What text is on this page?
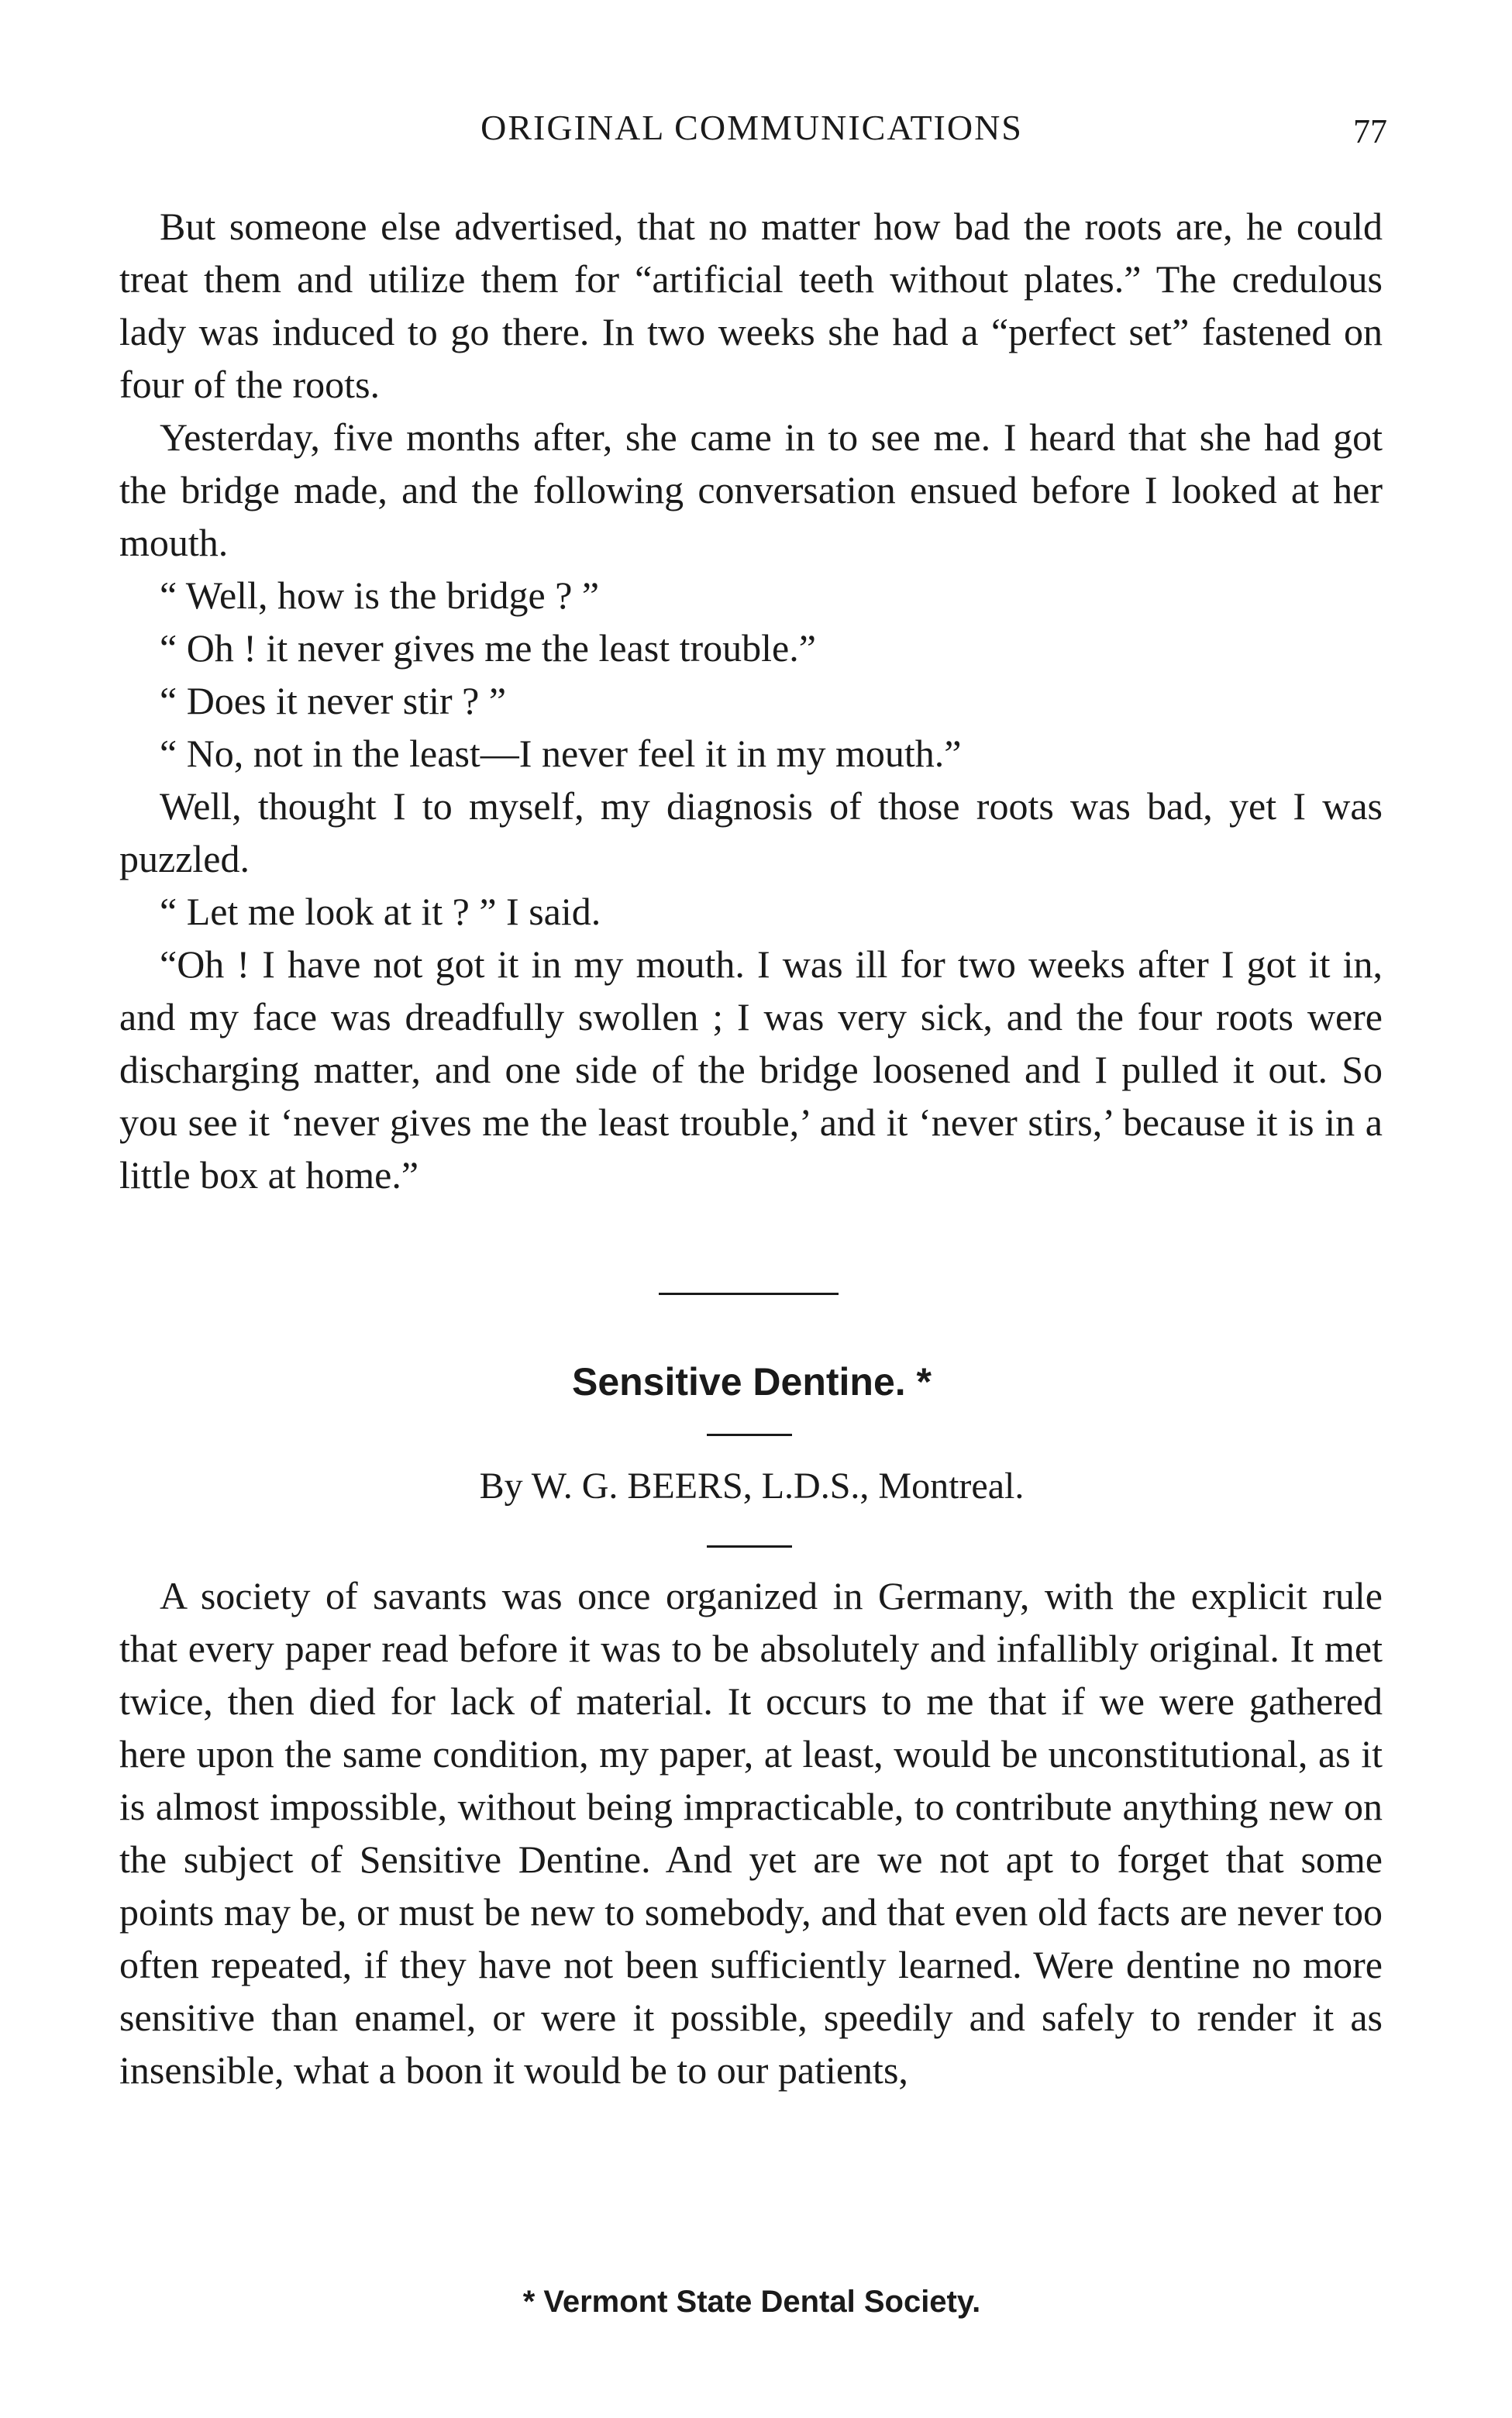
ORIGINAL COMMUNICATIONS	77

But someone else advertised, that no matter how bad the roots are, he could treat them and utilize them for “artificial teeth without plates.” The credulous lady was induced to go there. In two weeks she had a “perfect set” fastened on four of the roots.

Yesterday, five months after, she came in to see me. I heard that she had got the bridge made, and the following conversation ensued before I looked at her mouth.

“ Well, how is the bridge ? ”

“ Oh ! it never gives me the least trouble.”

“ Does it never stir ? ”

“ No, not in the least—I never feel it in my mouth.”

Well, thought I to myself, my diagnosis of those roots was bad, yet I was puzzled.

“ Let me look at it ? ” I said.

“Oh ! I have not got it in my mouth. I was ill for two weeks after I got it in, and my face was dreadfully swollen ; I was very sick, and the four roots were discharging matter, and one side of the bridge loosened and I pulled it out. So you see it ‘never gives me the least trouble,’ and it ‘never stirs,’ because it is in a little box at home.”

Sensitive Dentine. *
By W. G. BEERS, L.D.S., Montreal.

A society of savants was once organized in Germany, with the explicit rule that every paper read before it was to be absolutely and infallibly original. It met twice, then died for lack of material. It occurs to me that if we were gathered here upon the same condition, my paper, at least, would be unconstitutional, as it is almost impossible, without being impracticable, to contribute anything new on the subject of Sensitive Dentine. And yet are we not apt to forget that some points may be, or must be new to somebody, and that even old facts are never too often repeated, if they have not been sufficiently learned. Were dentine no more sensitive than enamel, or were it possible, speedily and safely to render it as insensible, what a boon it would be to our patients,

* Vermont State Dental Society.
